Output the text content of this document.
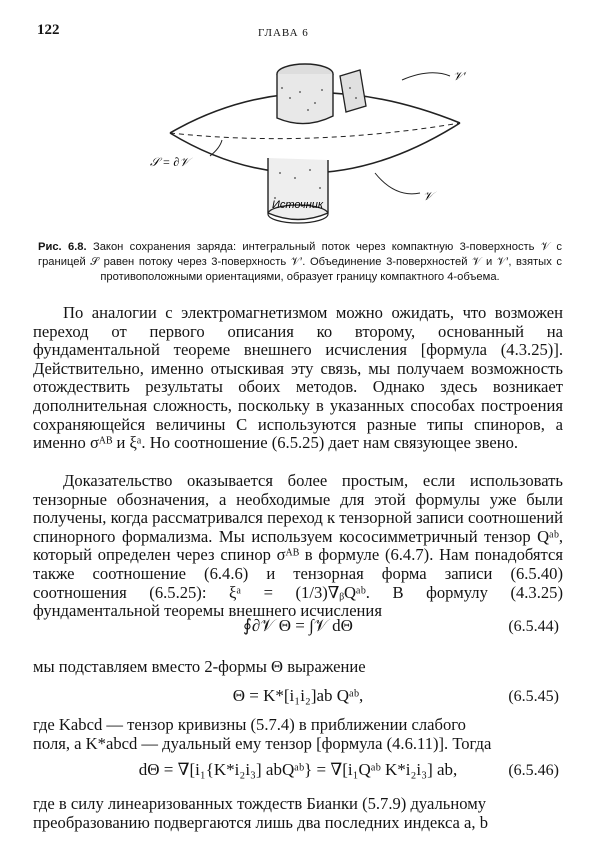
122	ГЛАВА 6
𝒮 = ∂𝒱
𝒱′
𝒱
Источник
Рис. 6.8. Закон сохранения заряда: интегральный поток через компактную 3-поверхность 𝒱 с границей 𝒮 равен потоку через 3-поверхность 𝒱′. Объединение 3-поверхностей 𝒱 и 𝒱′, взятых с противоположными ориентациями, образует границу компактного 4-объема.
По аналогии с электромагнетизмом можно ожидать, что возможен переход от первого описания ко второму, основанный на фундаментальной теореме внешнего исчисления [формула (4.3.25)]. Действительно, именно отыскивая эту связь, мы получаем возможность отождествить результаты обоих методов. Однако здесь возникает дополнительная сложность, поскольку в указанных способах построения сохраняющейся величины C используются разные типы спиноров, а именно σᴬᴮ и ξᵃ. Но соотношение (6.5.25) дает нам связующее звено.
Доказательство оказывается более простым, если использовать тензорные обозначения, а необходимые для этой формулы уже были получены, когда рассматривался переход к тензорной записи соотношений спинорного формализма. Мы используем кососимметричный тензор Qᵃᵇ, который определен через спинор σᴬᴮ в формуле (6.4.7). Нам понадобятся также соотношение (6.4.6) и тензорная форма записи (6.5.40) соотношения (6.5.25): ξᵃ = (1/3)∇ᵦQᵃᵇ. В формулу (4.3.25) фундаментальной теоремы внешнего исчисления
∮∂𝒱 Θ = ∫𝒱 dΘ	(6.5.44)
мы подставляем вместо 2-формы Θ выражение
Θ = K*[i₁i₂]ab Qᵃᵇ,	(6.5.45)
где Kabcd — тензор кривизны (5.7.4) в приближении слабого
поля, а K*abcd — дуальный ему тензор [формула (4.6.11)]. Тогда
dΘ = ∇[i₁{K*i₂i₃] abQᵃᵇ} = ∇[i₁Qᵃᵇ K*i₂i₃] ab,	(6.5.46)
где в силу линеаризованных тождеств Бианки (5.7.9) дуальному
преобразованию подвергаются лишь два последних индекса a, b
